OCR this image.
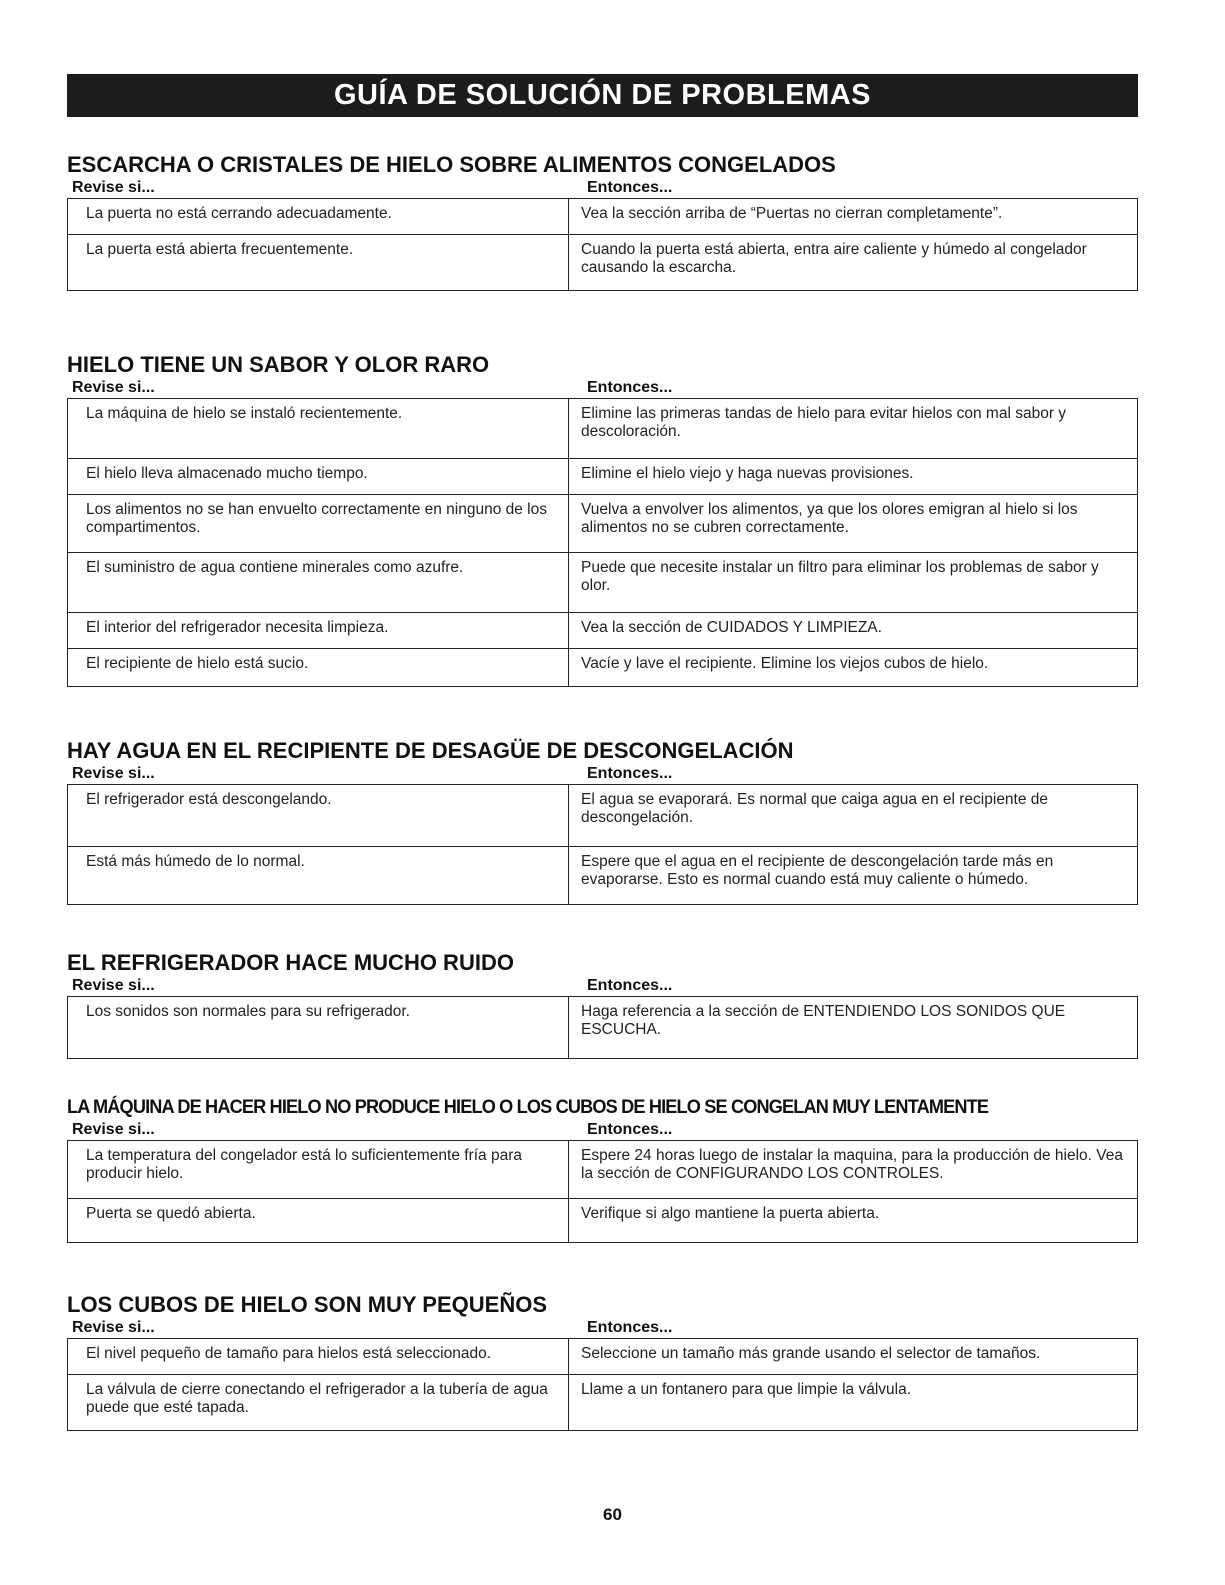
GUÍA DE SOLUCIÓN DE PROBLEMAS
ESCARCHA O CRISTALES DE HIELO SOBRE ALIMENTOS CONGELADOS
Revise si...	Entonces...
La puerta no está cerrando adecuadamente.	Vea la sección arriba de “Puertas no cierran completamente”.
La puerta está abierta frecuentemente.	Cuando la puerta está abierta, entra aire caliente y húmedo al congelador causando la escarcha.
HIELO TIENE UN SABOR Y OLOR RARO
Revise si...	Entonces...
La máquina de hielo se instaló recientemente.	Elimine las primeras tandas de hielo para evitar hielos con mal sabor y descoloración.
El hielo lleva almacenado mucho tiempo.	Elimine el hielo viejo y haga nuevas provisiones.
Los alimentos no se han envuelto correctamente en ninguno de los compartimentos.	Vuelva a envolver los alimentos, ya que los olores emigran al hielo si los alimentos no se cubren correctamente.
El suministro de agua contiene minerales como azufre.	Puede que necesite instalar un filtro para eliminar los problemas de sabor y olor.
El interior del refrigerador necesita limpieza.	Vea la sección de CUIDADOS Y LIMPIEZA.
El recipiente de hielo está sucio.	Vacíe y lave el recipiente. Elimine los viejos cubos de hielo.
HAY AGUA EN EL RECIPIENTE DE DESAGÜE DE DESCONGELACIÓN
Revise si...	Entonces...
El refrigerador está descongelando.	El agua se evaporará. Es normal que caiga agua en el recipiente de descongelación.
Está más húmedo de lo normal.	Espere que el agua en el recipiente de descongelación tarde más en evaporarse. Esto es normal cuando está muy caliente o húmedo.
EL REFRIGERADOR HACE MUCHO RUIDO
Revise si...	Entonces...
Los sonidos son normales para su refrigerador.	Haga referencia a la sección de ENTENDIENDO LOS SONIDOS QUE ESCUCHA.
LA MÁQUINA DE HACER HIELO NO PRODUCE HIELO O LOS CUBOS DE HIELO SE CONGELAN MUY LENTAMENTE
Revise si...	Entonces...
La temperatura del congelador está lo suficientemente fría para producir hielo.	Espere 24 horas luego de instalar la maquina, para la producción de hielo. Vea la sección de CONFIGURANDO LOS CONTROLES.
Puerta se quedó abierta.	Verifique si algo mantiene la puerta abierta.
LOS CUBOS DE HIELO SON MUY PEQUEÑOS
Revise si...	Entonces...
El nivel pequeño de tamaño para hielos está seleccionado.	Seleccione un tamaño más grande usando el selector de tamaños.
La válvula de cierre conectando el refrigerador a la tubería de agua puede que esté tapada.	Llame a un fontanero para que limpie la válvula.
60
